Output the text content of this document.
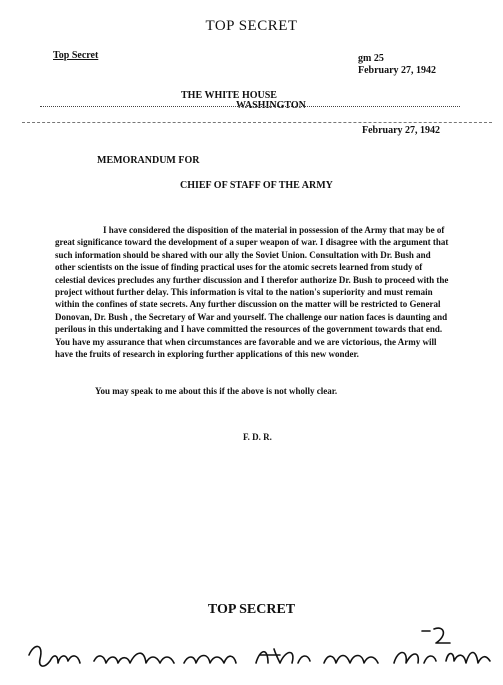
TOP SECRET
Top Secret	gm 25
February 27, 1942
THE WHITE HOUSE
WASHINGTON
February 27, 1942
MEMORANDUM FOR
CHIEF OF STAFF OF THE ARMY
I have considered the disposition of the material in possession of the Army that may be of great significance toward the development of a super weapon of war. I disagree with the argument that such information should be shared with our ally the Soviet Union. Consultation with Dr. Bush and other scientists on the issue of finding practical uses for the atomic secrets learned from study of celestial devices precludes any further discussion and I therefor authorize Dr. Bush to proceed with the project without further delay. This information is vital to the nation's superiority and must remain within the confines of state secrets. Any further discussion on the matter will be restricted to General Donovan, Dr. Bush , the Secretary of War and yourself. The challenge our nation faces is daunting and perilous in this undertaking and I have committed the resources of the government towards that end. You have my assurance that when circumstances are favorable and we are victorious, the Army will have the fruits of research in exploring further applications of this new wonder.
You may speak to me about this if the above is not wholly clear.
F. D. R.
TOP SECRET
